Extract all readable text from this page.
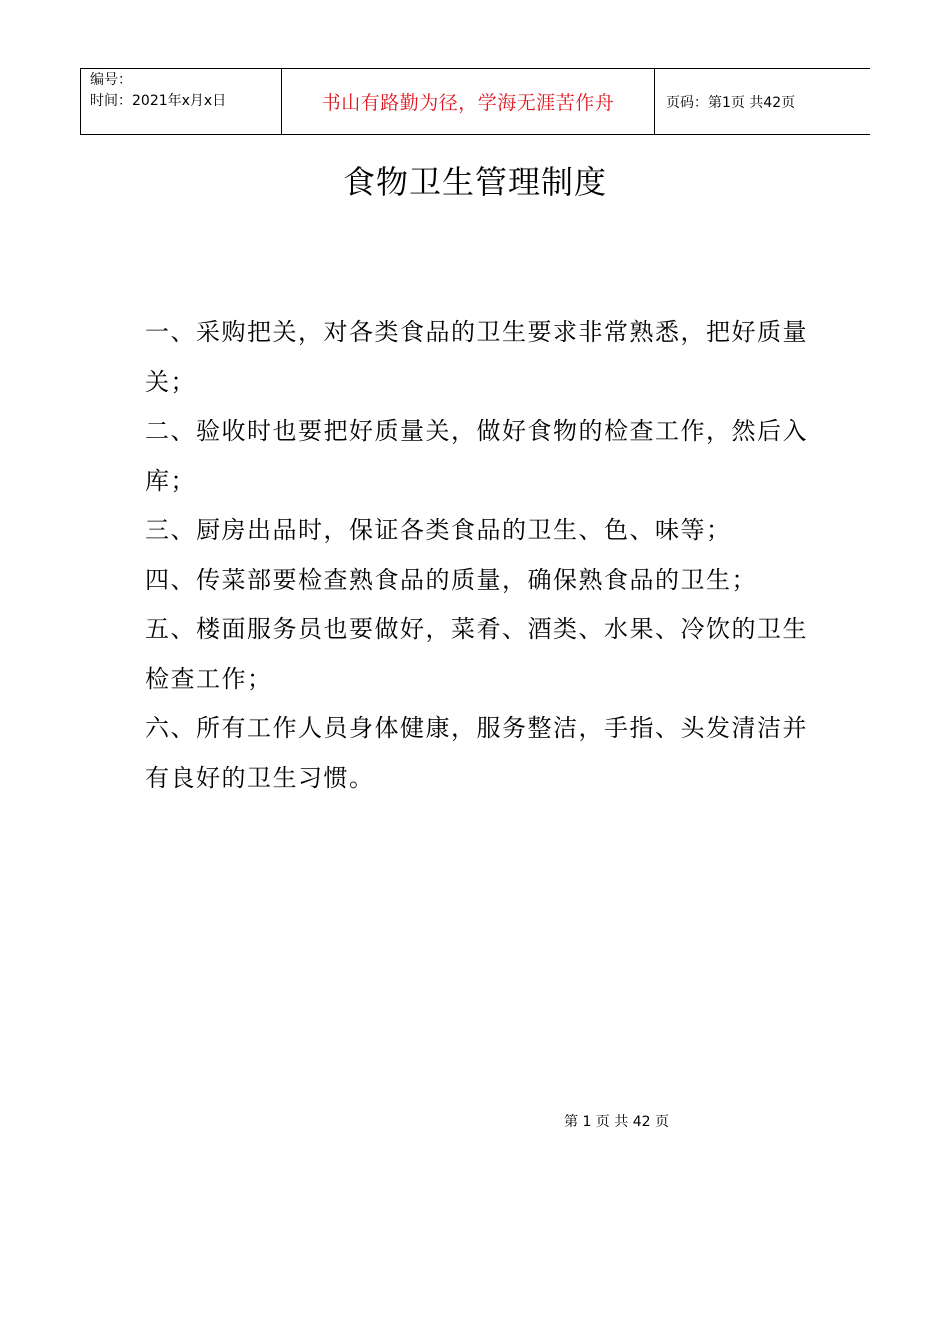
编号：
时间：2021年x月x日	书山有路勤为径，学海无涯苦作舟	页码：第1页 共42页
食物卫生管理制度

一、采购把关，对各类食品的卫生要求非常熟悉，把好质量关；

二、验收时也要把好质量关，做好食物的检查工作，然后入库；

三、厨房出品时，保证各类食品的卫生、色、味等；

四、传菜部要检查熟食品的质量，确保熟食品的卫生；

五、楼面服务员也要做好，菜肴、酒类、水果、冷饮的卫生检查工作；

六、所有工作人员身体健康，服务整洁，手指、头发清洁并有良好的卫生习惯。

第 1 页 共 42 页
